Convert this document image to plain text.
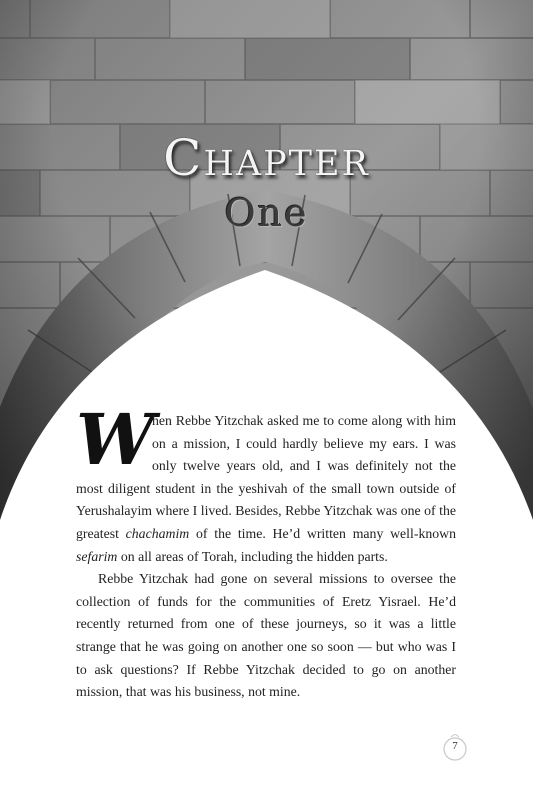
Chapter
One

W
hen Rebbe Yitzchak asked me to come along with him on a mission, I could hardly believe my ears. I was only twelve years old, and I was definitely not the most diligent student in the yeshivah of the small town outside of Yerushalayim where I lived. Besides, Rebbe Yitzchak was one of the greatest chachamim of the time. He’d written many well-known sefarim on all areas of Torah, including the hidden parts.

Rebbe Yitzchak had gone on several missions to oversee the collection of funds for the communities of Eretz Yisrael. He’d recently returned from one of these journeys, so it was a little strange that he was going on another one so soon — but who was I to ask questions? If Rebbe Yitzchak decided to go on another mission, that was his business, not mine.

7
